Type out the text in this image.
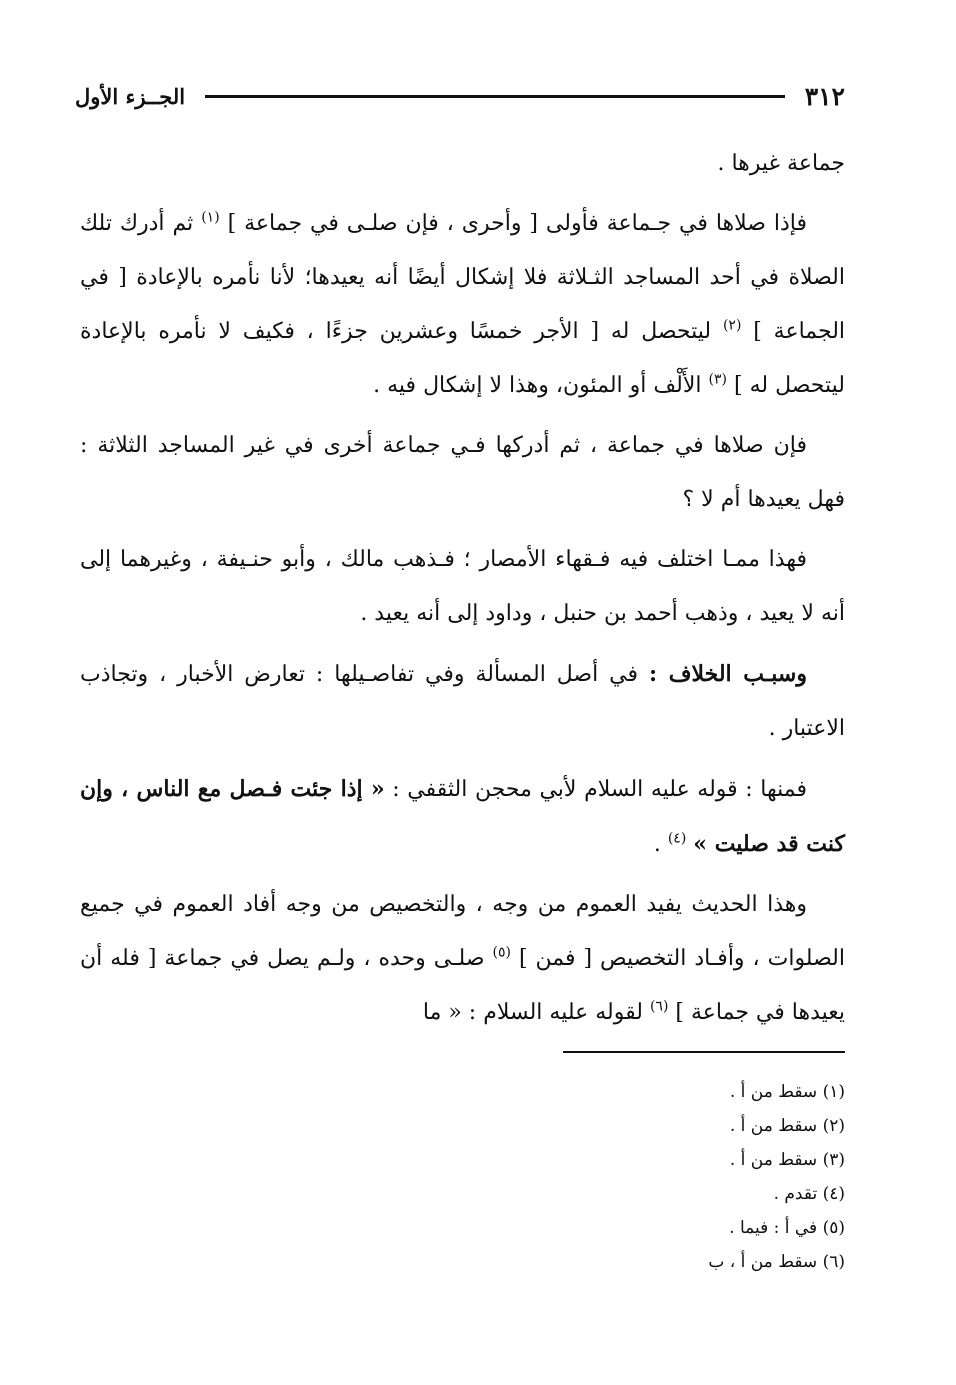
٣١٢
الجــزء الأول

جماعة غيرها .

فإذا صلاها في جـماعة فأولى [ وأحرى ، فإن صلـى في جماعة ] $^{(١)}$ ثم أدرك تلك الصلاة في أحد المساجد الثـلاثة فلا إشكال أيضًا أنه يعيدها؛ لأنا نأمره بالإعادة [ في الجماعة ] $^{(٢)}$ ليتحصل له [ الأجر خمسًا وعشرين جزءًا ، فكيف لا نأمره بالإعادة ليتحصل له ] $^{(٣)}$ الأَلْف أو المئون، وهذا لا إشكال فيه .

فإن صلاها في جماعة ، ثم أدركها فـي جماعة أخرى في غير المساجد الثلاثة : فهل يعيدها أم لا ؟

فهذا ممـا اختلف فيه فـقهاء الأمصار ؛ فـذهب مالك ، وأبو حنـيفة ، وغيرهما إلى أنه لا يعيد ، وذهب أحمد بن حنبل ، وداود إلى أنه يعيد .

وسبـب الخلاف : في أصل المسألة وفي تفاصـيلها : تعارض الأخبار ، وتجاذب الاعتبار .

فمنها : قوله عليه السلام لأبي محجن الثقفي : « إذا جئت فـصل مع الناس ، وإن كنت قد صليت » $^{(٤)}$ .

وهذا الحديث يفيد العموم من وجه ، والتخصيص من وجه أفاد العموم في جميع الصلوات ، وأفـاد التخصيص [ فمن ] $^{(٥)}$ صلـى وحده ، ولـم يصل في جماعة [ فله أن يعيدها في جماعة ] $^{(٦)}$ لقوله عليه السلام : « ما

(١) سقط من أ .
(٢) سقط من أ .
(٣) سقط من أ .
(٤) تقدم .
(٥) في أ : فيما .
(٦) سقط من أ ، ب
